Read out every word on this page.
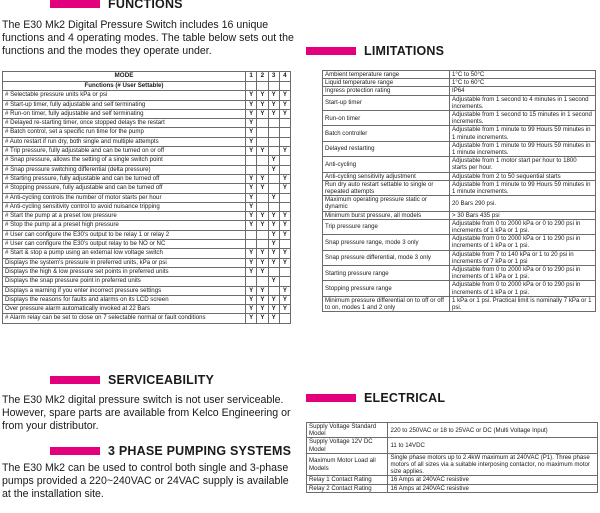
FUNCTIONS
The E30 Mk2 Digital Pressure Switch includes 16 unique functions and 4 operating modes. The table below sets out the functions and the modes they operate under.
MODE	1	2	3	4
Functions (# User Settable)				
# Selectable pressure units kPa or psi	Y	Y	Y	Y
# Start-up timer, fully adjustable and self terminating	Y	Y	Y	Y
# Run-on timer, fully adjustable and self terminating	Y	Y	Y	Y
# Delayed re-starting timer, once stopped delays the restart	Y			
# Batch control, set a specific run time for the pump	Y			
# Auto restart if run dry, both single and multiple attempts	Y			
# Trip pressure, fully adjustable and can be turned on or off	Y	Y		Y
# Snap pressure, allows the setting of a single switch point			Y	
# Snap pressure switching differential (delta pressure)			Y	
# Starting pressure, fully adjustable and can be turned off	Y	Y		Y
# Stopping pressure, fully adjustable and can be turned off	Y	Y		Y
# Anti-cycling controls the number of motor starts per hour	Y		Y	
# Anti-cycling sensitivity control to avoid nuisance tripping	Y			
# Start the pump at a preset low pressure	Y	Y	Y	Y
# Stop the pump at a preset high pressure	Y	Y	Y	Y
# User can configure the E30's output to be relay 1 or relay 2			Y	Y
# User can configure the E30's output relay to be NO or NC			Y	
# Start & stop a pump using an external low voltage switch	Y	Y	Y	Y
Displays the system's pressure in preferred units, kPa or psi	Y	Y	Y	Y
Displays the high & low pressure set points in preferred units	Y	Y		
Displays the snap pressure point in preferred units			Y	
Displays a warning if you enter incorrect pressure settings	Y	Y		Y
Displays the reasons for faults and alarms on its LCD screen	Y	Y	Y	Y
Over pressure alarm automatically invoked at 22 Bars	Y	Y	Y	Y
# Alarm relay can be set to close on 7 selectable normal or fault conditions	Y	Y	Y	
SERVICEABILITY
The E30 Mk2 digital pressure switch is not user serviceable. However, spare parts are available from Kelco Engineering or from your distributor.
3 PHASE PUMPING SYSTEMS
The E30 Mk2 can be used to control both single and 3-phase pumps provided a 220~240VAC or 24VAC supply is available at the installation site.
LIMITATIONS
Ambient temperature range	1°C to 50°C
Liquid temperature range	1°C to 60°C
Ingress protection rating	IP64
Start-up timer	Adjustable from 1 second to 4 minutes in 1 second increments.
Run-on timer	Adjustable from 1 second to 15 minutes in 1 second increments.
Batch controller	Adjustable from 1 minute to 99 Hours 59 minutes in 1 minute increments.
Delayed restarting	Adjustable from 1 minute to 99 Hours 59 minutes in 1 minute increments.
Anti-cycling	Adjustable from 1 motor start per hour to 1800 starts per hour.
Anti-cycling sensitivity adjustment	Adjustable from 2 to 50 sequential starts
Run dry auto restart settable to single or repeated attempts	Adjustable from 1 minute to 99 Hours 59 minutes in 1 minute increments.
Maximum operating pressure static or dynamic	20 Bars 290 psi.
Minimum burst pressure, all models	> 30 Bars 435 psi
Trip pressure range	Adjustable from 0 to 2000 kPa or 0 to 290 psi in increments of 1 kPa or 1 psi.
Snap pressure range, mode 3 only	Adjustable from 0 to 2000 kPa or 1 to 290 psi in increments of 1 kPa or 1 psi.
Snap pressure differential, mode 3 only	Adjustable from 7 to 140 kPa or 1 to 20 psi in increments of 7 kPa or 1 psi
Starting pressure range	Adjustable from 0 to 2000 kPa or 0 to 290 psi in increments of 1 kPa or 1 psi.
Stopping pressure range	Adjustable from 0 to 2000 kPa or 0 to 290 psi in increments of 1 kPa or 1 psi.
Minimum pressure differential on to off or off to on, modes 1 and 2 only	1 kPa or 1 psi. Practical limit is nominally 7 kPa or 1 psi.
ELECTRICAL
Supply Voltage Standard Model	220 to 250VAC or 18 to 25VAC or DC (Multi Voltage Input)
Supply Voltage 12V DC Model	11 to 14VDC
Maximum Motor Load all Models	Single phase motors up to 2.4kW maximum at 240VAC (P1). Three phase motors of all sizes via a suitable interposing contactor, no maximum motor size applies.
Relay 1 Contact Rating	16 Amps at 240VAC resistive
Relay 2 Contact Rating	16 Amps at 240VAC resistive
